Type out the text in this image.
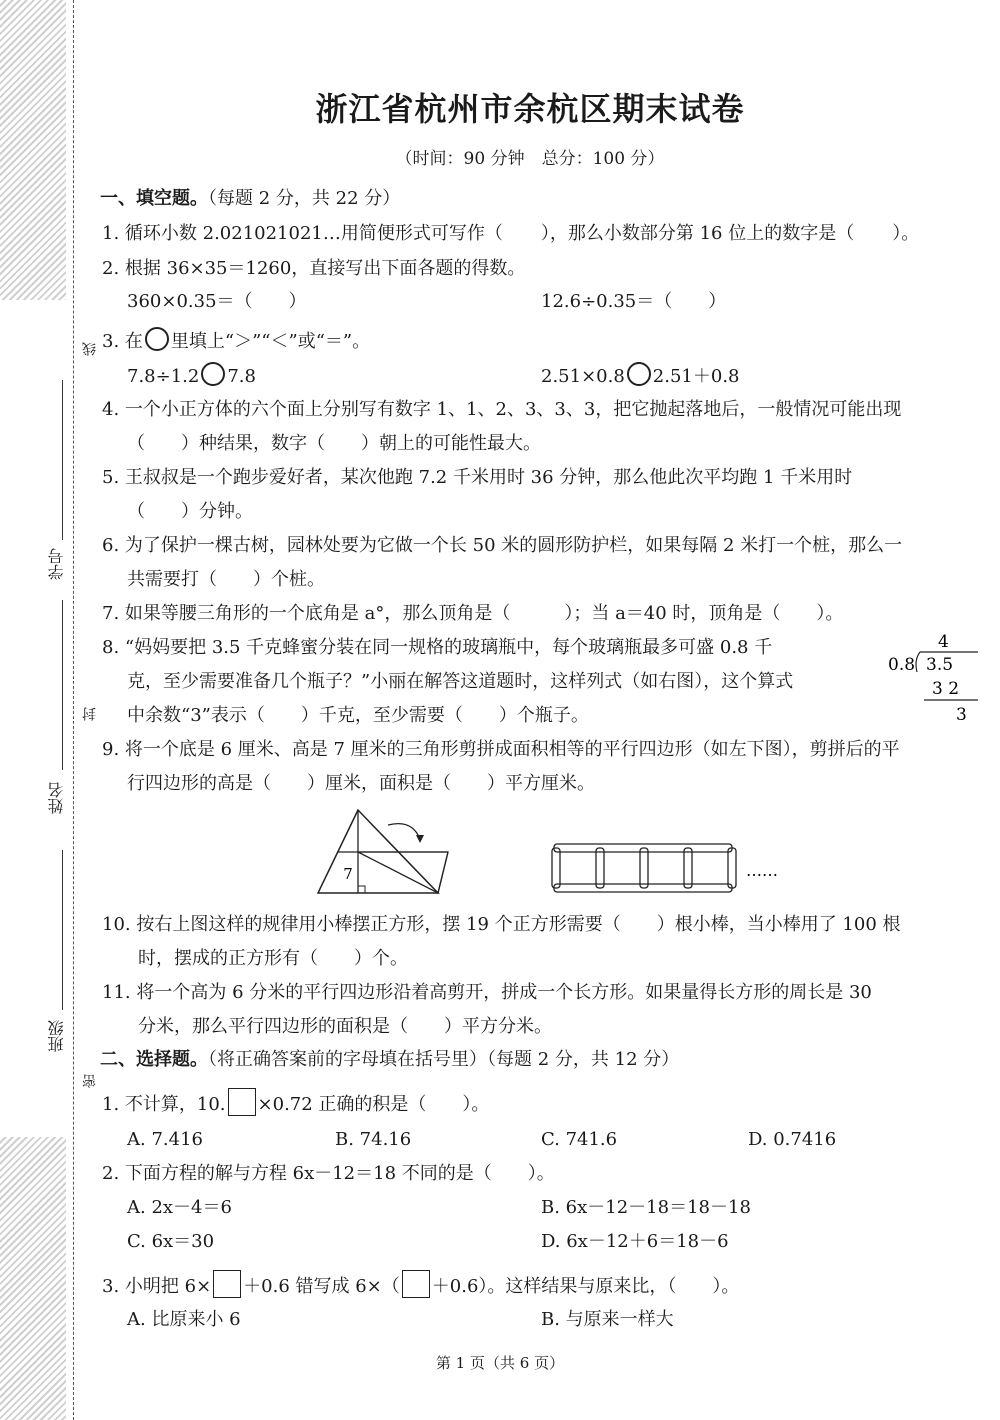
线
封
密
学号
姓名
班级
浙江省杭州市余杭区期末试卷
（时间：90 分钟　总分：100 分）
一、填空题。（每题 2 分，共 22 分）
1. 循环小数 2.021021021…用简便形式可写作（ ），那么小数部分第 16 位上的数字是（ ）。
2. 根据 36×35＝1260，直接写出下面各题的得数。
360×0.35＝（　　）	12.6÷0.35＝（　　）
3. 在 里填上“＞”“＜”或“＝”。
7.8÷1.2 7.8	2.51×0.8 2.51＋0.8
4. 一个小正方体的六个面上分别写有数字 1、1、2、3、3、3，把它抛起落地后，一般情况可能出现
（　　）种结果，数字（　　）朝上的可能性最大。
5. 王叔叔是一个跑步爱好者，某次他跑 7.2 千米用时 36 分钟，那么他此次平均跑 1 千米用时
（　　）分钟。
6. 为了保护一棵古树，园林处要为它做一个长 50 米的圆形防护栏，如果每隔 2 米打一个桩，那么一
共需要打（　　）个桩。
7. 如果等腰三角形的一个底角是 a°，那么顶角是（　　　）；当 a＝40 时，顶角是（　　）。
8. “妈妈要把 3.5 千克蜂蜜分装在同一规格的玻璃瓶中，每个玻璃瓶最多可盛 0.8 千
克，至少需要准备几个瓶子？”小丽在解答这道题时，这样列式（如右图），这个算式
中余数“3”表示（　　）千克，至少需要（　　）个瓶子。
4
0.8 3.5
3 2
3
9. 将一个底是 6 厘米、高是 7 厘米的三角形剪拼成面积相等的平行四边形（如左下图），剪拼后的平
行四边形的高是（　　）厘米，面积是（　　）平方厘米。
7	……
10. 按右上图这样的规律用小棒摆正方形，摆 19 个正方形需要（　　）根小棒，当小棒用了 100 根
时，摆成的正方形有（　　）个。
11. 将一个高为 6 分米的平行四边形沿着高剪开，拼成一个长方形。如果量得长方形的周长是 30
分米，那么平行四边形的面积是（　　）平方分米。
二、选择题。（将正确答案前的字母填在括号里）（每题 2 分，共 12 分）
1. 不计算，10. ×0.72 正确的积是（　　）。
A. 7.416	B. 74.16	C. 741.6	D. 0.7416
2. 下面方程的解与方程 6x－12＝18 不同的是（　　）。
A. 2x－4＝6	B. 6x－12－18＝18－18
C. 6x＝30	D. 6x－12＋6＝18－6
3. 小明把 6× ＋0.6 错写成 6×（ ＋0.6）。这样结果与原来比，（　　）。
A. 比原来小 6	B. 与原来一样大
第 1 页（共 6 页）
